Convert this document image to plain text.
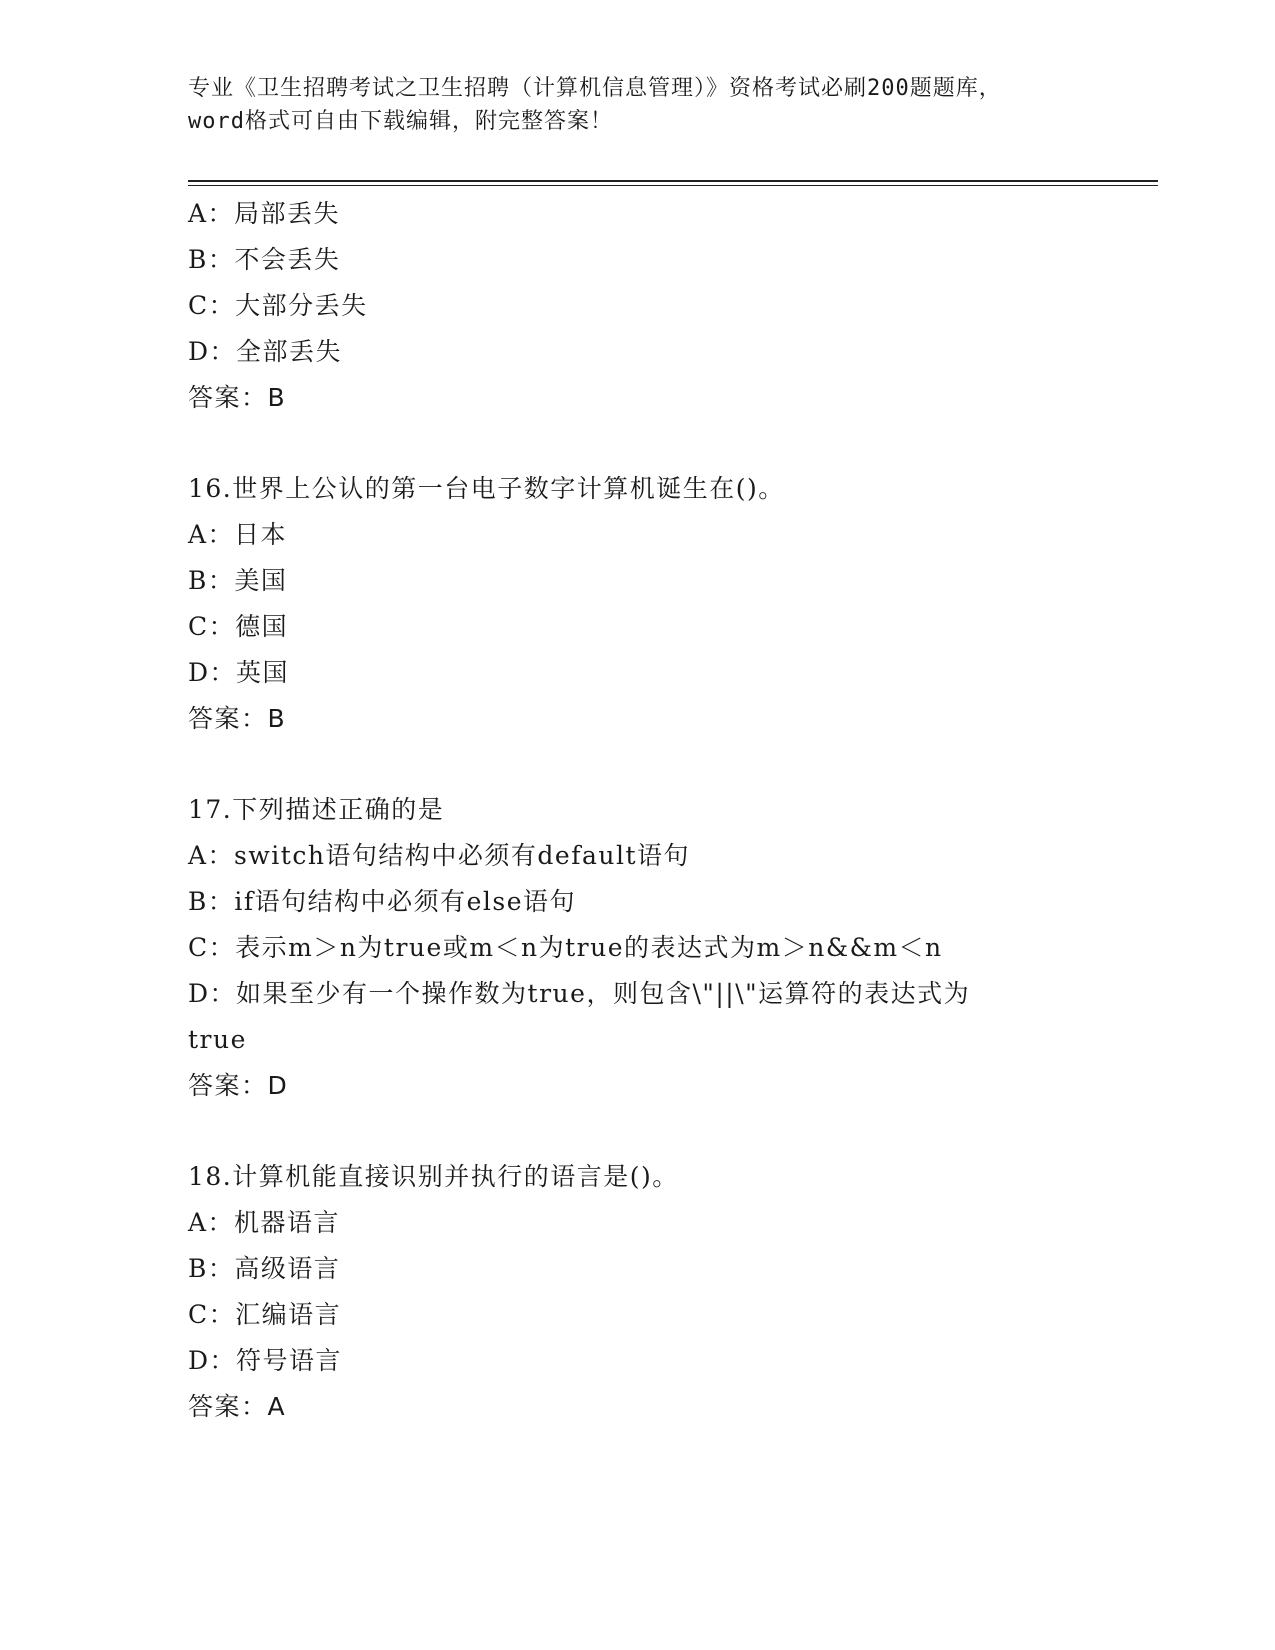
专业《卫生招聘考试之卫生招聘（计算机信息管理）》资格考试必刷200题题库，
word格式可自由下载编辑，附完整答案！
A：局部丢失
B：不会丢失
C：大部分丢失
D：全部丢失
答案：B
16.世界上公认的第一台电子数字计算机诞生在()。
A：日本
B：美国
C：德国
D：英国
答案：B
17.下列描述正确的是
A：switch语句结构中必须有default语句
B：if语句结构中必须有else语句
C：表示m＞n为true或m＜n为true的表达式为m＞n&&m＜n
D：如果至少有一个操作数为true，则包含\"||\"运算符的表达式为
true
答案：D
18.计算机能直接识别并执行的语言是()。
A：机器语言
B：高级语言
C：汇编语言
D：符号语言
答案：A
